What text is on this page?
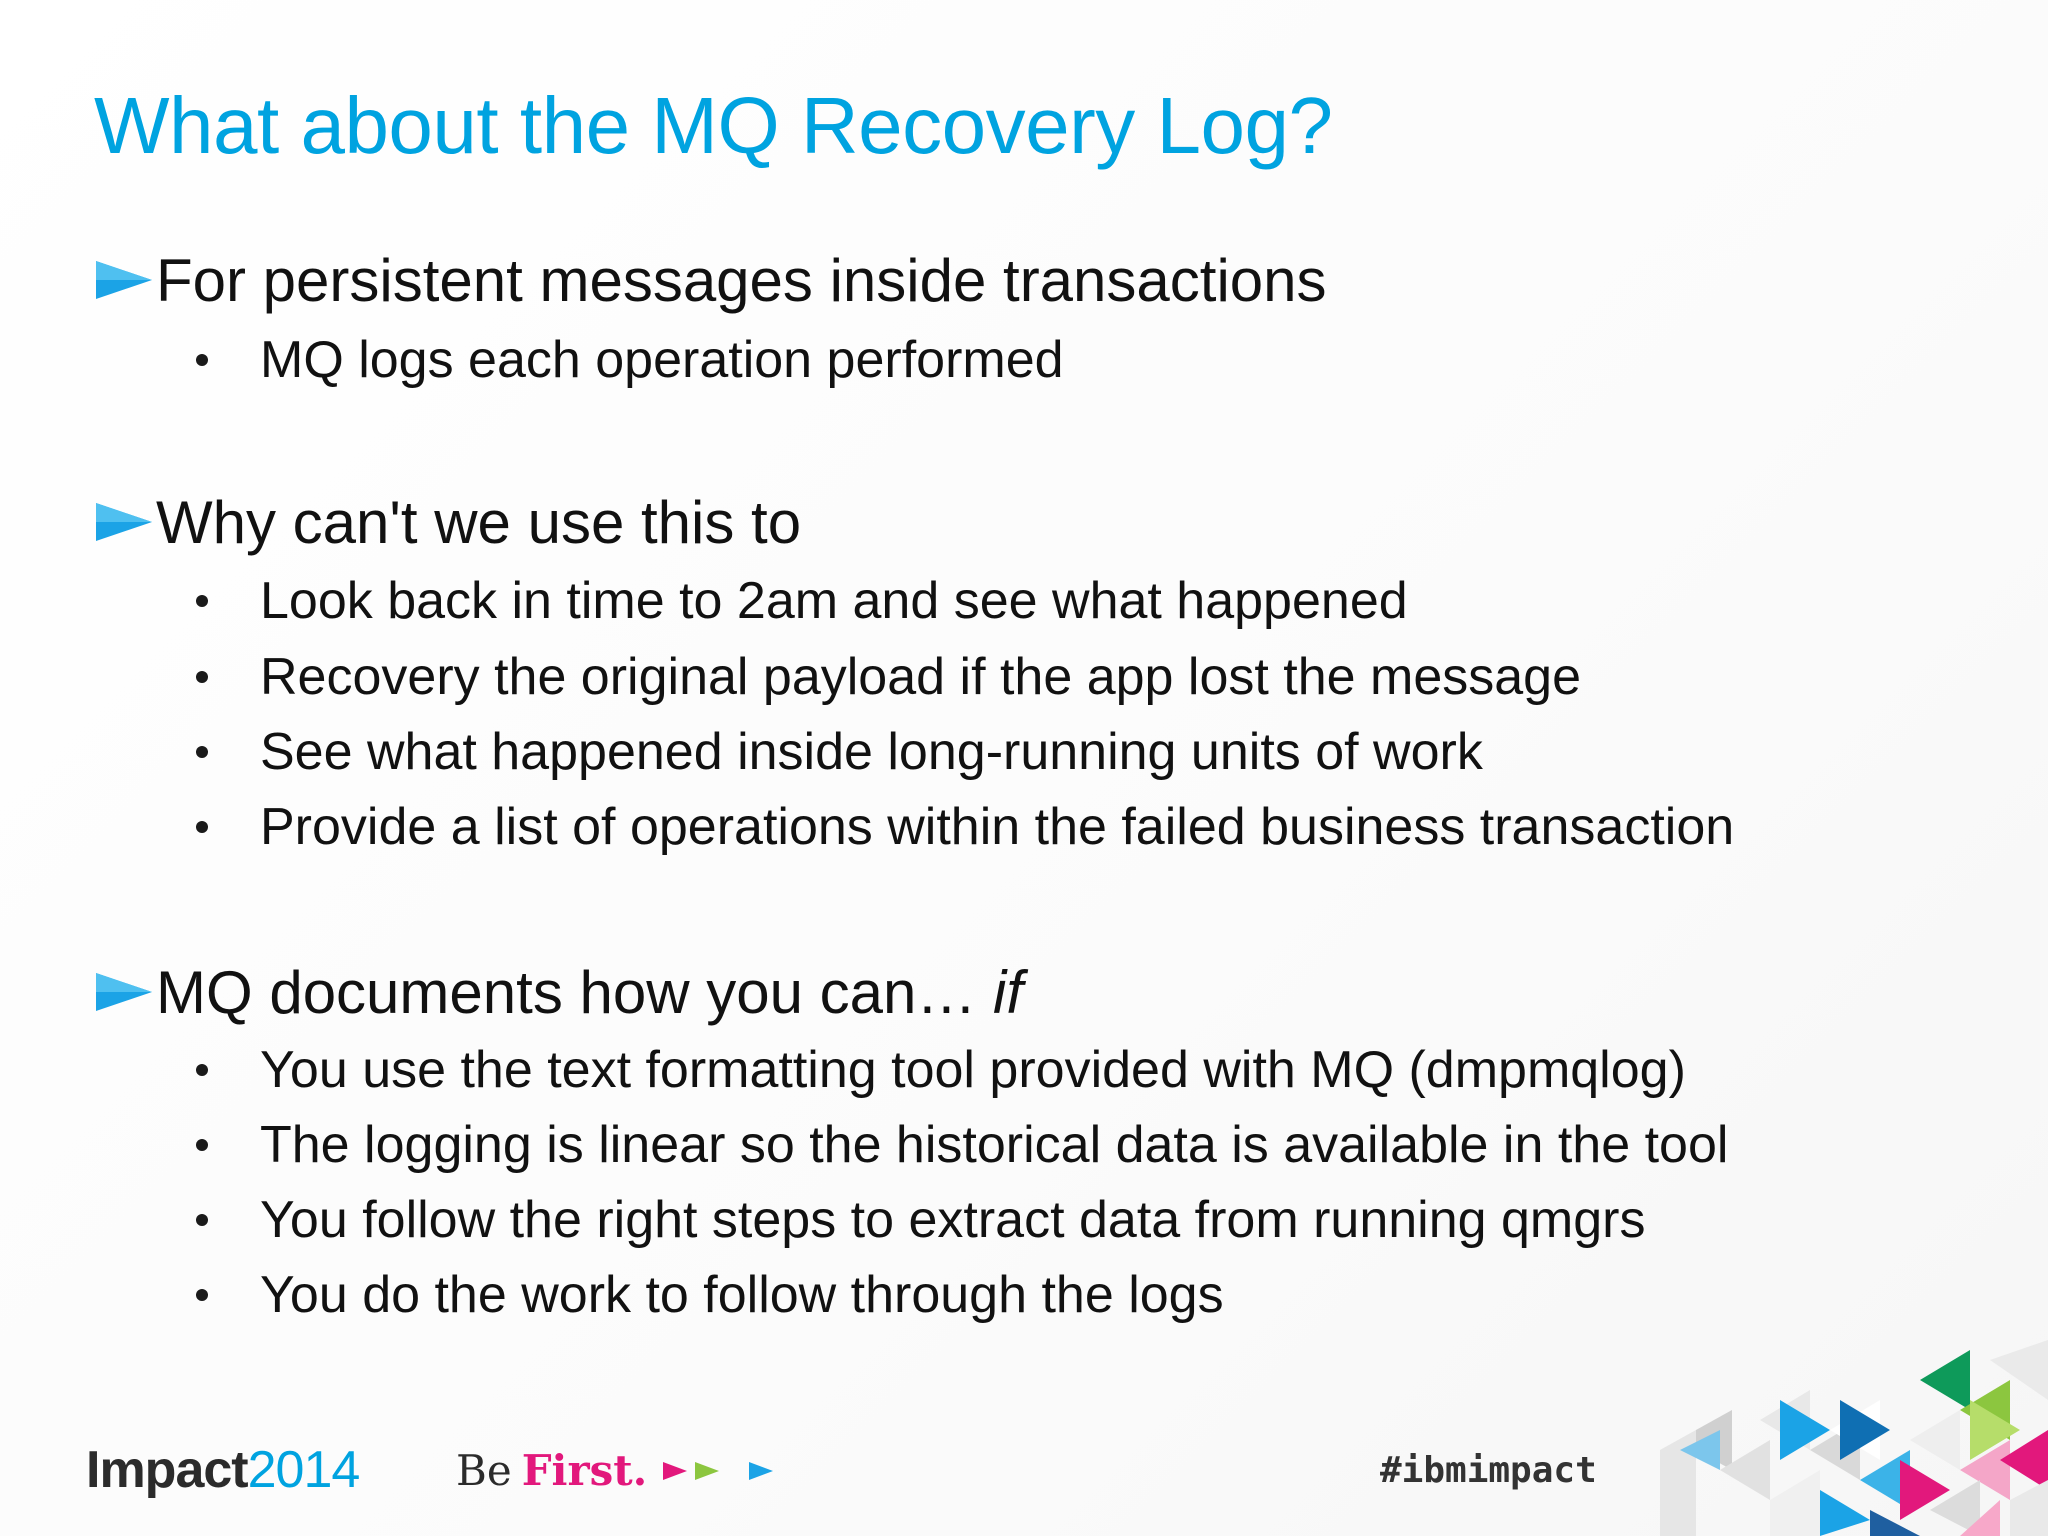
What about the MQ Recovery Log?
For persistent messages inside transactions
MQ logs each operation performed
Why can't we use this to
Look back in time to 2am and see what happened
Recovery the original payload if the app lost the message
See what happened inside long-running units of work
Provide a list of operations within the failed business transaction
MQ documents how you can… if
You use the text formatting tool provided with MQ (dmpmqlog)
The logging is linear so the historical data is available in the tool
You follow the right steps to extract data from running qmgrs
You do the work to follow through the logs
Impact2014 Be First.	#ibmimpact
